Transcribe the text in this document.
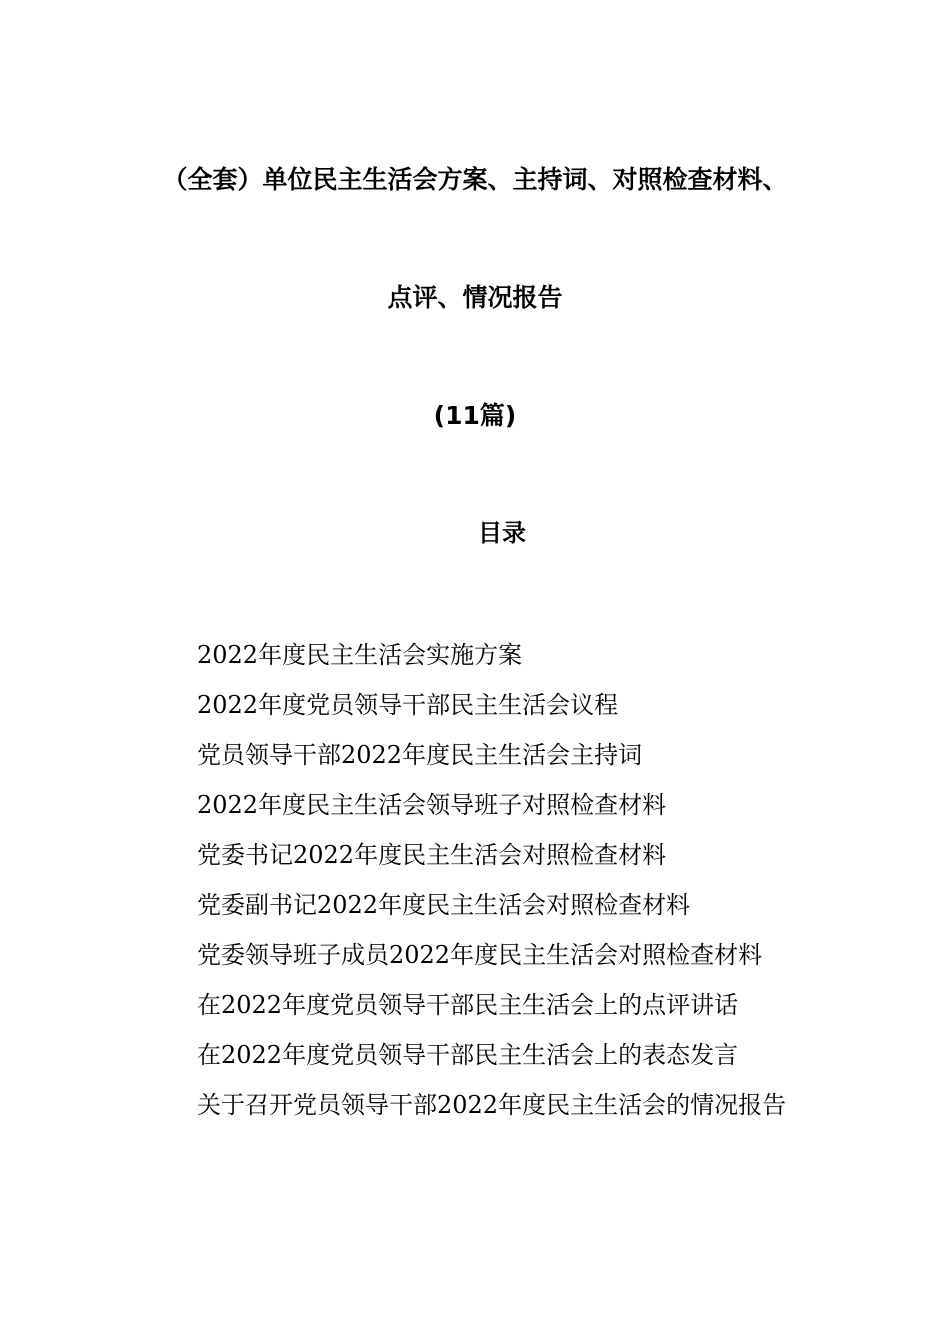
（全套）单位民主生活会方案、主持词、对照检查材料、
点评、情况报告
(11篇)
目录

2022年度民主生活会实施方案

2022年度党员领导干部民主生活会议程

党员领导干部2022年度民主生活会主持词

2022年度民主生活会领导班子对照检查材料

党委书记2022年度民主生活会对照检查材料

党委副书记2022年度民主生活会对照检查材料

党委领导班子成员2022年度民主生活会对照检查材料

在2022年度党员领导干部民主生活会上的点评讲话

在2022年度党员领导干部民主生活会上的表态发言

关于召开党员领导干部2022年度民主生活会的情况报告
